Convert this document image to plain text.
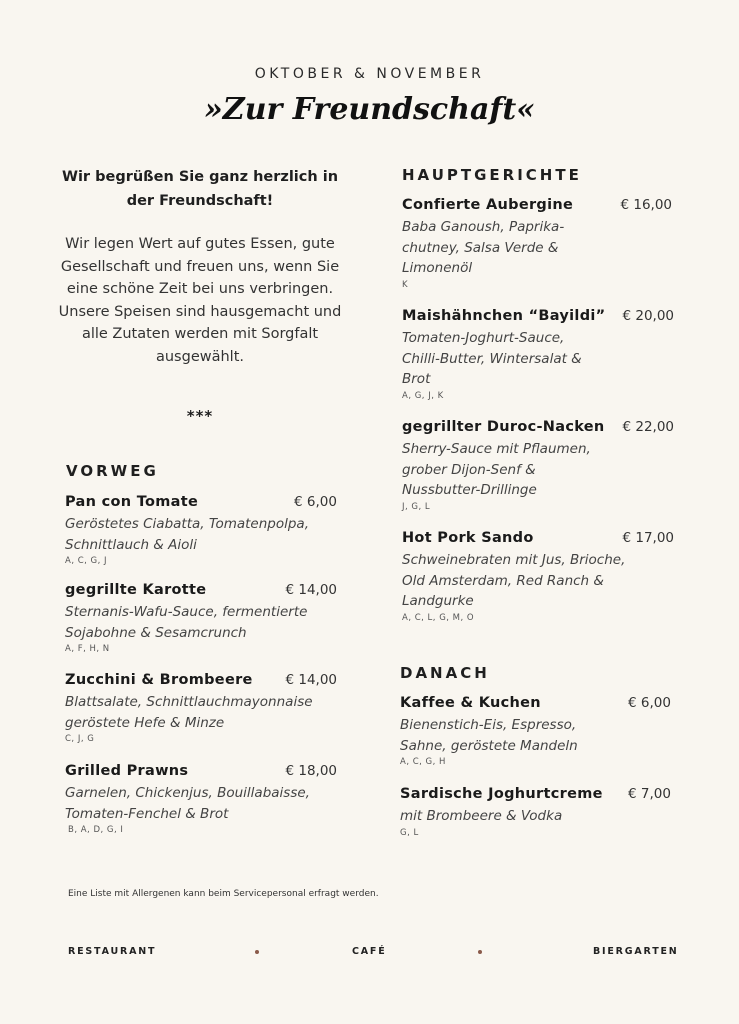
OKTOBER & NOVEMBER
»Zur Freundschaft«
Wir begrüßen Sie ganz herzlich in der Freundschaft!
Wir legen Wert auf gutes Essen, gute Gesellschaft und freuen uns, wenn Sie eine schöne Zeit bei uns verbringen. Unsere Speisen sind hausgemacht und alle Zutaten werden mit Sorgfalt ausgewählt.
***
VORWEG
Pan con Tomate	€ 6,00
Geröstetes Ciabatta, Tomatenpolpa, Schnittlauch & Aioli
A, C, G, J
gegrillte Karotte	€ 14,00
Sternanis-Wafu-Sauce, fermentierte Sojabohne & Sesamcrunch
A, F, H, N
Zucchini & Brombeere € 14,00
Blattsalate, Schnittlauchmayonnaise geröstete Hefe & Minze
C, J, G
Grilled Prawns	€ 18,00
Garnelen, Chickenjus, Bouillabaisse, Tomaten-Fenchel & Brot
B, A, D, G, I
HAUPTGERICHTE
Confierte Aubergine	€ 16,00
Baba Ganoush, Paprika-chutney, Salsa Verde & Limonenöl
K
Maishähnchen “Bayildi” € 20,00
Tomaten-Joghurt-Sauce, Chilli-Butter, Wintersalat & Brot
A, G, J, K
gegrillter Duroc-Nacken € 22,00
Sherry-Sauce mit Pflaumen, grober Dijon-Senf & Nussbutter-Drillinge
J, G, L
Hot Pork Sando	€ 17,00
Schweinebraten mit Jus, Brioche, Old Amsterdam, Red Ranch & Landgurke
A, C, L, G, M, O
DANACH
Kaffee & Kuchen	€ 6,00
Bienenstich-Eis, Espresso, Sahne, geröstete Mandeln
A, C, G, H
Sardische Joghurtcreme € 7,00
mit Brombeere & Vodka
G, L
Eine Liste mit Allergenen kann beim Servicepersonal erfragt werden.
RESTAURANT	CAFÉ	BIERGARTEN
